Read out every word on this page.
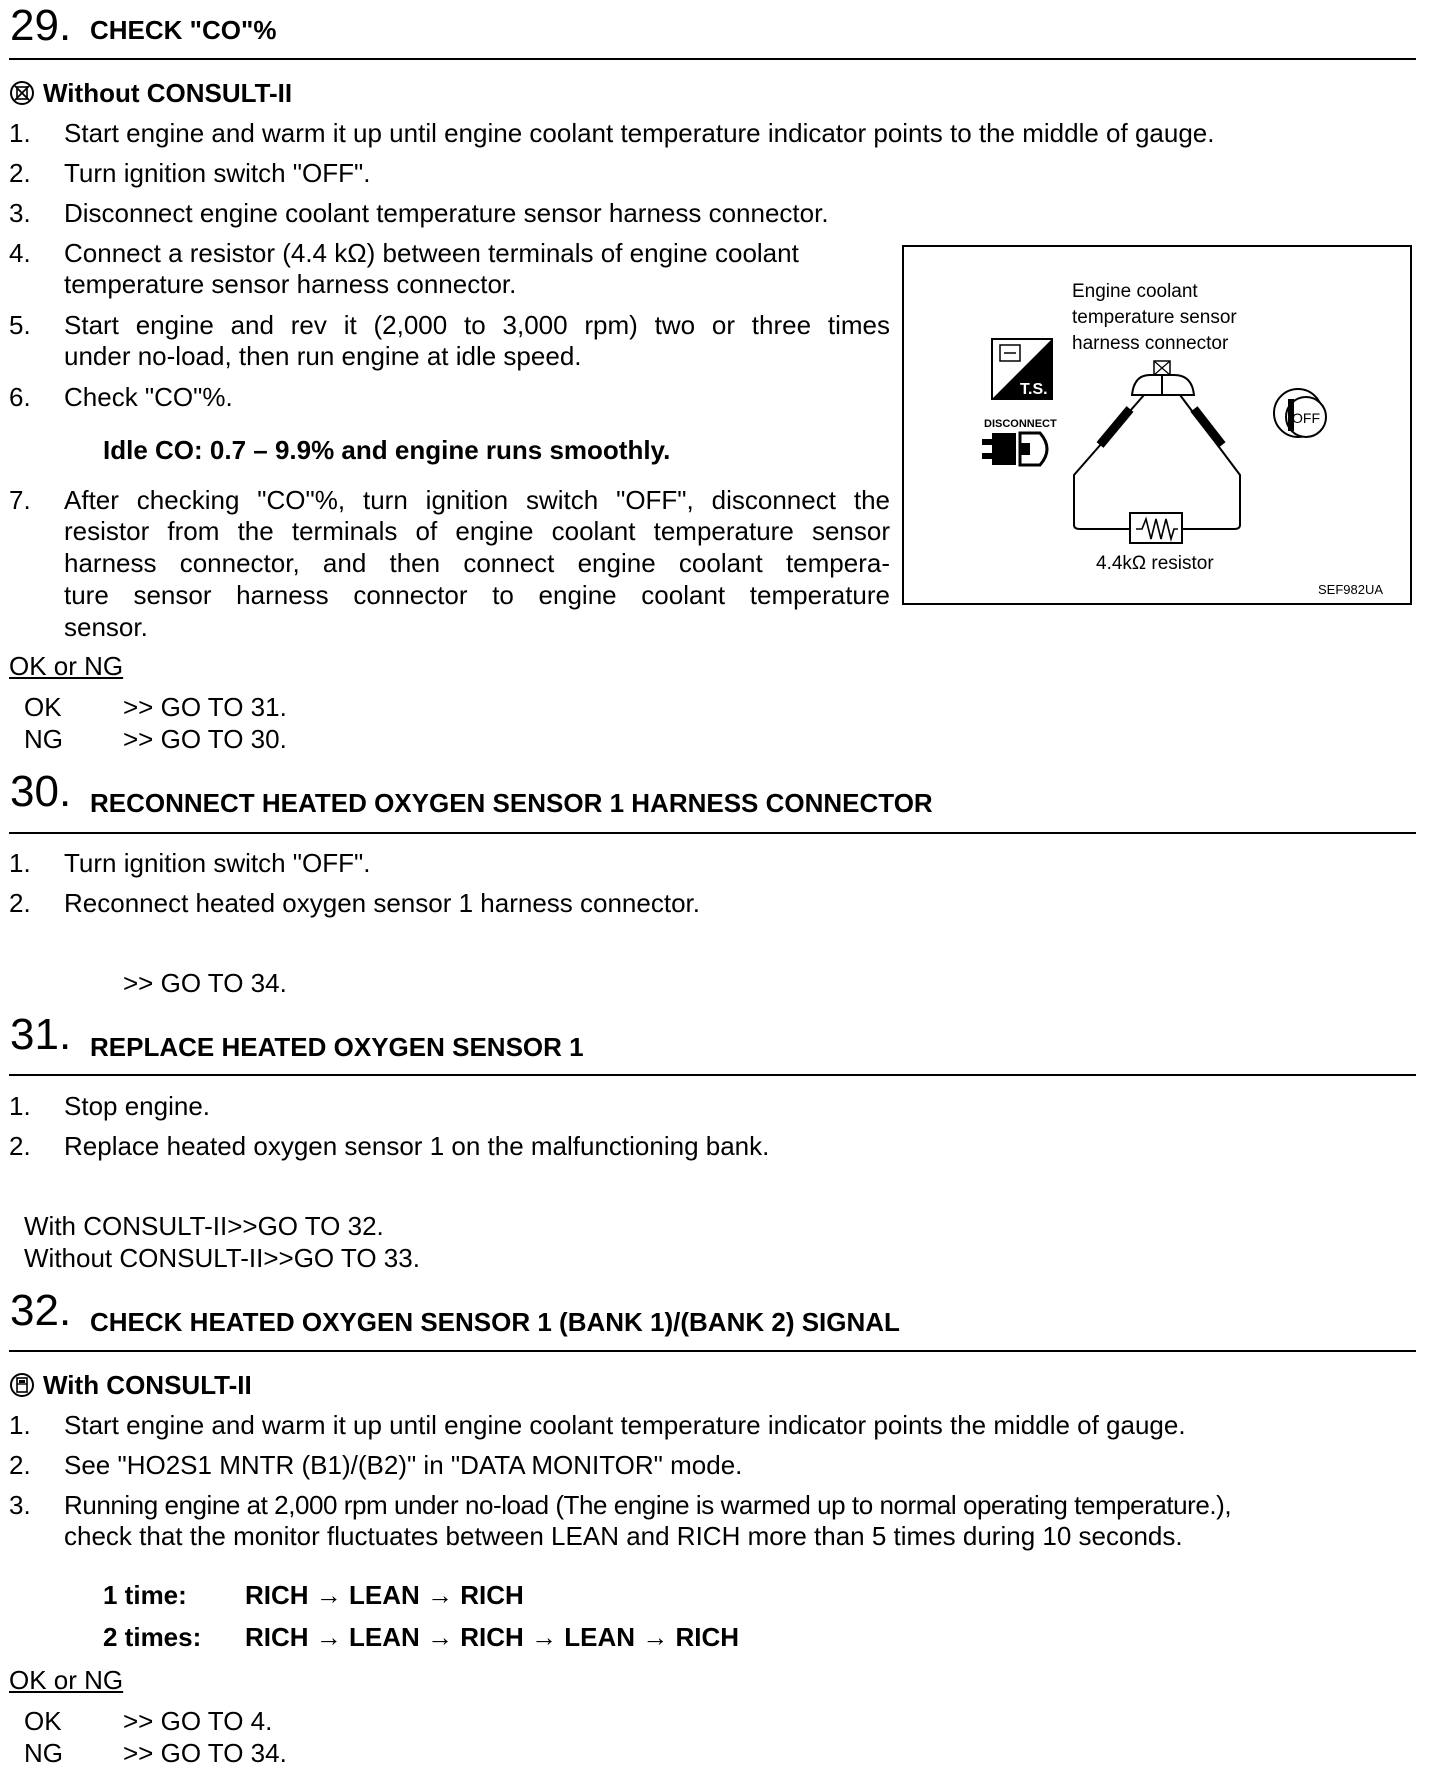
29. CHECK "CO"%
Without CONSULT-II
1. Start engine and warm it up until engine coolant temperature indicator points to the middle of gauge.
2. Turn ignition switch "OFF".
3. Disconnect engine coolant temperature sensor harness connector.
4. Connect a resistor (4.4 kΩ) between terminals of engine coolant
temperature sensor harness connector.
5. Start engine and rev it (2,000 to 3,000 rpm) two or three times
under no-load, then run engine at idle speed.
6. Check "CO"%.
Idle CO: 0.7 – 9.9% and engine runs smoothly.
7. After checking "CO"%, turn ignition switch "OFF", disconnect the
resistor from the terminals of engine coolant temperature sensor
harness connector, and then connect engine coolant tempera-
ture sensor harness connector to engine coolant temperature
sensor.
Engine coolant
temperature sensor
harness connector
T.S.
DISCONNECT	OFF
4.4kΩ resistor
SEF982UA
OK or NG
OK >> GO TO 31.
NG >> GO TO 30.
30. RECONNECT HEATED OXYGEN SENSOR 1 HARNESS CONNECTOR
1. Turn ignition switch "OFF".
2. Reconnect heated oxygen sensor 1 harness connector.
>> GO TO 34.
31. REPLACE HEATED OXYGEN SENSOR 1
1. Stop engine.
2. Replace heated oxygen sensor 1 on the malfunctioning bank.
With CONSULT-II>>GO TO 32.
Without CONSULT-II>>GO TO 33.
32. CHECK HEATED OXYGEN SENSOR 1 (BANK 1)/(BANK 2) SIGNAL
With CONSULT-II
1. Start engine and warm it up until engine coolant temperature indicator points the middle of gauge.
2. See "HO2S1 MNTR (B1)/(B2)" in "DATA MONITOR" mode.
3. Running engine at 2,000 rpm under no-load (The engine is warmed up to normal operating temperature.),
check that the monitor fluctuates between LEAN and RICH more than 5 times during 10 seconds.
1 time: RICH → LEAN → RICH
2 times: RICH → LEAN → RICH → LEAN → RICH
OK or NG
OK >> GO TO 4.
NG >> GO TO 34.
